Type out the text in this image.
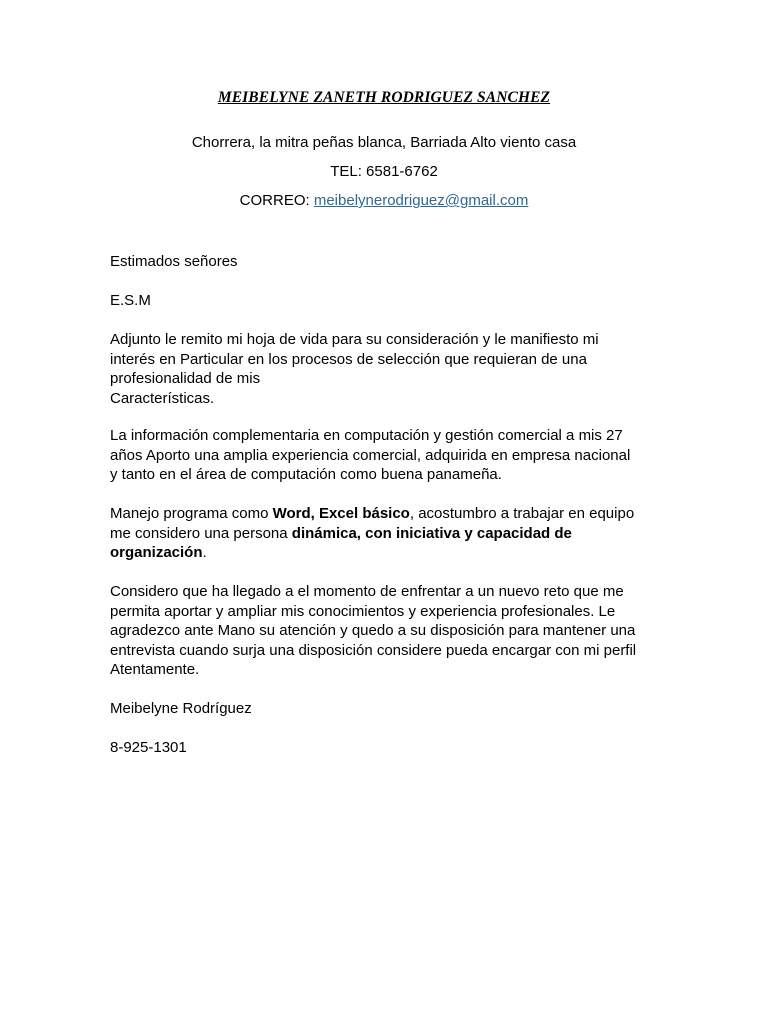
MEIBELYNE ZANETH RODRIGUEZ SANCHEZ
Chorrera, la mitra peñas blanca, Barriada Alto viento casa
TEL: 6581-6762
CORREO: meibelynerodriguez@gmail.com
Estimados señores
E.S.M
Adjunto le remito mi hoja de vida para su consideración y le manifiesto mi
interés en Particular en los procesos de selección que requieran de una
profesionalidad de mis
Características.
La información complementaria en computación y gestión comercial a mis 27
años Aporto una amplia experiencia comercial, adquirida en empresa nacional
y tanto en el área de computación como buena panameña.
Manejo programa como Word, Excel básico, acostumbro a trabajar en equipo
me considero una persona dinámica, con iniciativa y capacidad de
organización.
Considero que ha llegado a el momento de enfrentar a un nuevo reto que me
permita aportar y ampliar mis conocimientos y experiencia profesionales. Le
agradezco ante Mano su atención y quedo a su disposición para mantener una
entrevista cuando surja una disposición considere pueda encargar con mi perfil
Atentamente.
Meibelyne Rodríguez
8-925-1301
